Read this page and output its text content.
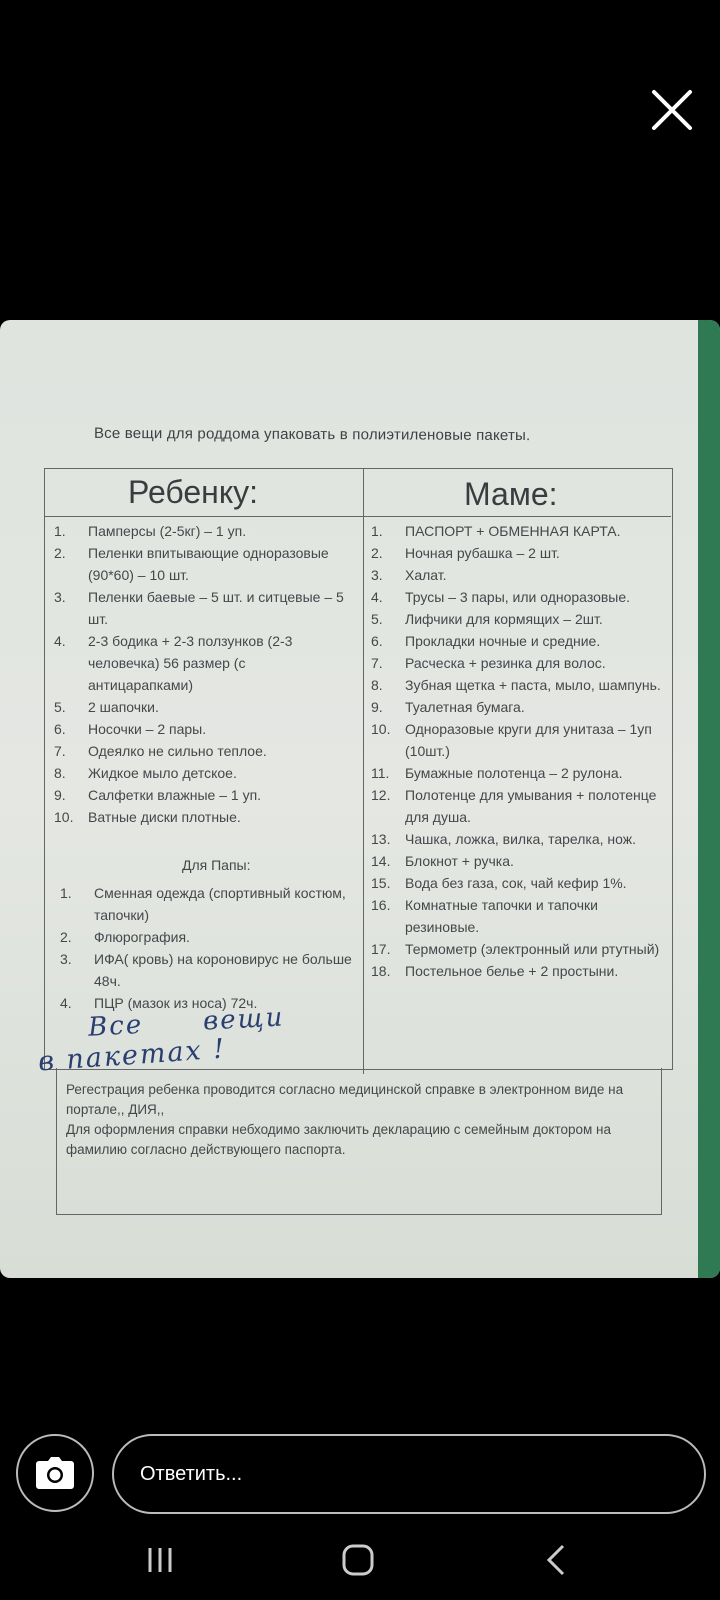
Все вещи для роддома упаковать в полиэтиленовые пакеты.
Ребенку:	Маме:
1.	Памперсы (2-5кг) – 1 уп.
2.	Пеленки впитывающие одноразовые (90*60) – 10 шт.
3.	Пеленки баевые – 5 шт. и ситцевые – 5 шт.
4.	2-3 бодика + 2-3 ползунков (2-3 человечка) 56 размер (с антицарапками)
5.	2 шапочки.
6.	Носочки – 2 пары.
7.	Одеялко не сильно теплое.
8.	Жидкое мыло детское.
9.	Салфетки влажные – 1 уп.
10.	Ватные диски плотные.
Для Папы:
1.	Сменная одежда (спортивный костюм, тапочки)
2.	Флюрография.
3.	ИФА( кровь) на короновирус не больше 48ч.
4.	ПЦР (мазок из носа) 72ч.
1.	ПАСПОРТ + ОБМЕННАЯ КАРТА.
2.	Ночная рубашка – 2 шт.
3.	Халат.
4.	Трусы – 3 пары, или одноразовые.
5.	Лифчики для кормящих – 2шт.
6.	Прокладки ночные и средние.
7.	Расческа + резинка для волос.
8.	Зубная щетка + паста, мыло, шампунь.
9.	Туалетная бумага.
10.	Одноразовые круги для унитаза – 1уп (10шт.)
11.	Бумажные полотенца – 2 рулона.
12.	Полотенце для умывания + полотенце для душа.
13.	Чашка, ложка, вилка, тарелка, нож.
14.	Блокнот + ручка.
15.	Вода без газа, сок, чай кефир 1%.
16.	Комнатные тапочки и тапочки резиновые.
17.	Термометр (электронный или ртутный)
18.	Постельное белье + 2 простыни.
Все вещи
в пакетах !

Регестрация ребенка проводится согласно медицинской справке в электронном виде на портале,, ДИЯ,,

Для оформления справки небходимо заключить декларацию с семейным доктором на фамилию согласно действующего паспорта.

Ответить...
